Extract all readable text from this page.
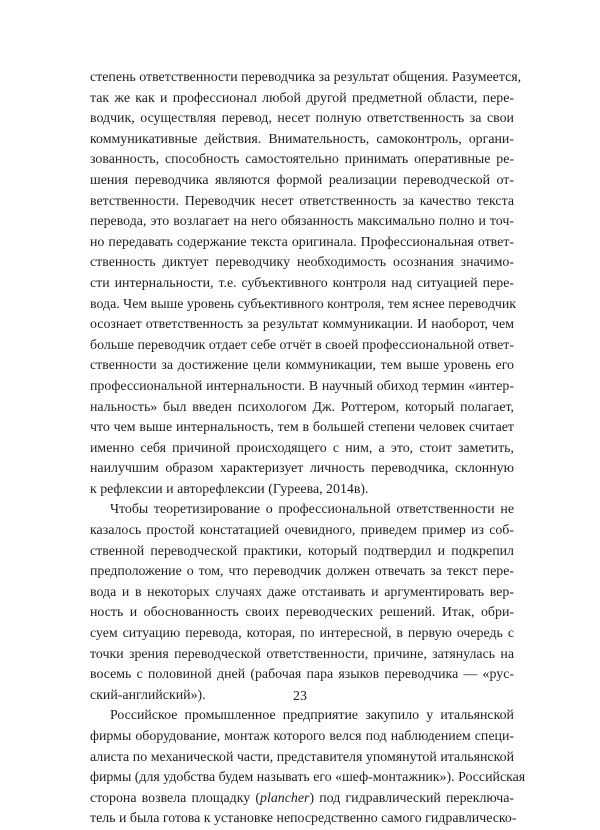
степень ответственности переводчика за результат общения. Разумеется,
так же как и профессионал любой другой предметной области, пере-
водчик, осуществляя перевод, несет полную ответственность за свои
коммуникативные действия. Внимательность, самоконтроль, органи-
зованность, способность самостоятельно принимать оперативные ре-
шения переводчика являются формой реализации переводческой от-
ветственности. Переводчик несет ответственность за качество текста
перевода, это возлагает на него обязанность максимально полно и точ-
но передавать содержание текста оригинала. Профессиональная ответ-
ственность диктует переводчику необходимость осознания значимо-
сти интернальности, т.е. субъективного контроля над ситуацией пере-
вода. Чем выше уровень субъективного контроля, тем яснее переводчик
осознает ответственность за результат коммуникации. И наоборот, чем
больше переводчик отдает себе отчёт в своей профессиональной ответ-
ственности за достижение цели коммуникации, тем выше уровень его
профессиональной интернальности. В научный обиход термин «интер-
нальность» был введен психологом Дж. Роттером, который полагает,
что чем выше интернальность, тем в большей степени человек считает
именно себя причиной происходящего с ним, а это, стоит заметить,
наилучшим образом характеризует личность переводчика, склонную
к рефлексии и авторефлексии (Гуреева, 2014в).
Чтобы теоретизирование о профессиональной ответственности не
казалось простой констатацией очевидного, приведем пример из соб-
ственной переводческой практики, который подтвердил и подкрепил
предположение о том, что переводчик должен отвечать за текст пере-
вода и в некоторых случаях даже отстаивать и аргументировать вер-
ность и обоснованность своих переводческих решений. Итак, обри-
суем ситуацию перевода, которая, по интересной, в первую очередь с
точки зрения переводческой ответственности, причине, затянулась на
восемь с половиной дней (рабочая пара языков переводчика — «рус-
ский-английский»).
Российское промышленное предприятие закупило у итальянской
фирмы оборудование, монтаж которого велся под наблюдением специ-
алиста по механической части, представителя упомянутой итальянской
фирмы (для удобства будем называть его «шеф-монтажник»). Российская
сторона возвела площадку (plancher) под гидравлический переключа-
тель и была готова к установке непосредственно самого гидравлическо-
23
